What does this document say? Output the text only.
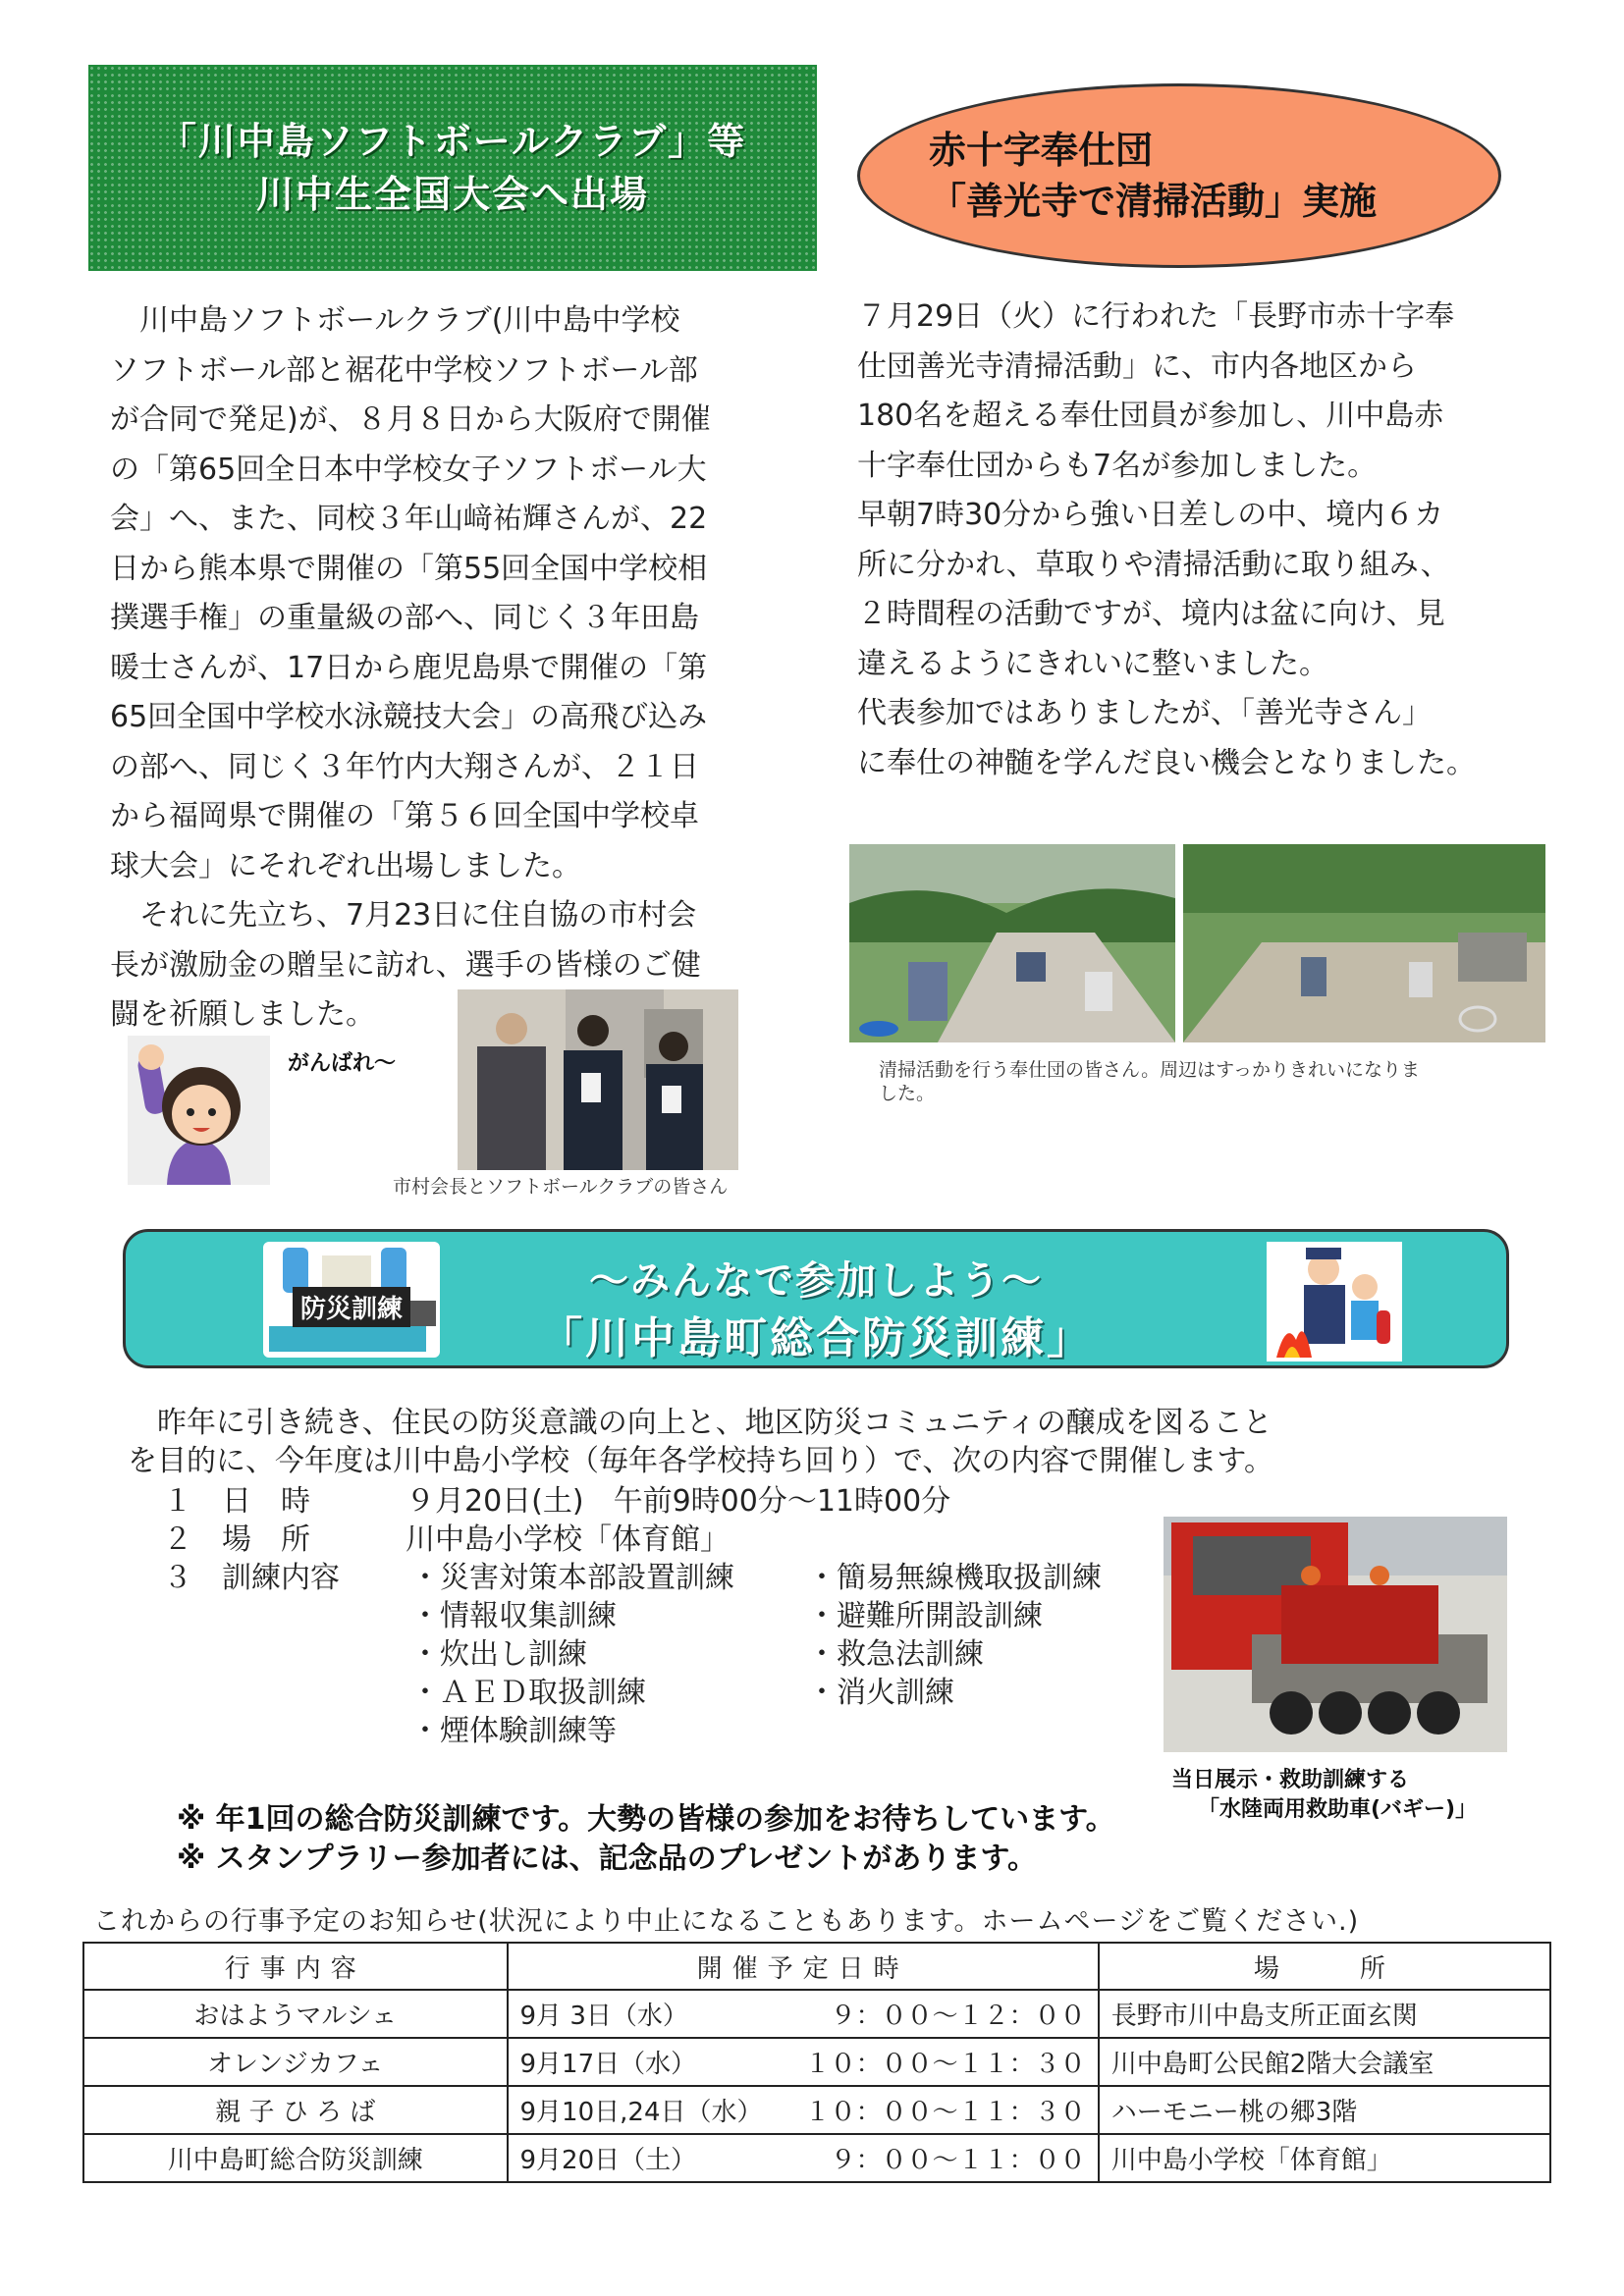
「川中島ソフトボールクラブ」等
川中生全国大会へ出場
　川中島ソフトボールクラブ(川中島中学校
ソフトボール部と裾花中学校ソフトボール部
が合同で発足)が、８月８日から大阪府で開催
の「第65回全日本中学校女子ソフトボール大
会」へ、また、同校３年山﨑祐輝さんが、22
日から熊本県で開催の「第55回全国中学校相
撲選手権」の重量級の部へ、同じく３年田島
暖士さんが、17日から鹿児島県で開催の「第
65回全国中学校水泳競技大会」の高飛び込み
の部へ、同じく３年竹内大翔さんが、２１日
から福岡県で開催の「第５６回全国中学校卓
球大会」にそれぞれ出場しました。
　それに先立ち、7月23日に住自協の市村会
長が激励金の贈呈に訪れ、選手の皆様のご健
闘を祈願しました。
がんばれ～
市村会長とソフトボールクラブの皆さん
赤十字奉仕団
「善光寺で清掃活動」実施
７月29日（火）に行われた「長野市赤十字奉
仕団善光寺清掃活動」に、市内各地区から
180名を超える奉仕団員が参加し、川中島赤
十字奉仕団からも7名が参加しました。
早朝7時30分から強い日差しの中、境内６カ
所に分かれ、草取りや清掃活動に取り組み、
２時間程の活動ですが、境内は盆に向け、見
違えるようにきれいに整いました。
代表参加ではありましたが、「善光寺さん」
に奉仕の神髄を学んだ良い機会となりました。
清掃活動を行う奉仕団の皆さん。周辺はすっかりきれいになりま
した。
～みんなで参加しよう～
「川中島町総合防災訓練」
防災訓練
　昨年に引き続き、住民の防災意識の向上と、地区防災コミュニティの醸成を図ること
を目的に、今年度は川中島小学校（毎年各学校持ち回り）で、次の内容で開催します。
１　日　時	９月20日(土)　午前9時00分～11時00分
２　場　所	川中島小学校「体育館」
３　訓練内容 ・災害対策本部設置訓練
・情報収集訓練
・炊出し訓練
・ＡＥＤ取扱訓練
・煙体験訓練等
・簡易無線機取扱訓練
・避難所開設訓練
・救急法訓練
・消火訓練
当日展示・救助訓練する
「水陸両用救助車(バギー)」
※ 年1回の総合防災訓練です。大勢の皆様の参加をお待ちしています。
※ スタンプラリー参加者には、記念品のプレゼントがあります。
これからの行事予定のお知らせ(状況により中止になることもあります。ホームページをご覧ください.)
行事内容	開催予定日時	場　　所
おはようマルシェ	9月 3日（水） ９：００～１２：００	長野市川中島支所正面玄関
オレンジカフェ	9月17日（水） １０：００～１１：３０	川中島町公民館2階大会議室
親 子 ひ ろ ば	9月10日,24日（水） １０：００～１１：３０	ハーモニー桃の郷3階
川中島町総合防災訓練	9月20日（土） ９：００～１１：００	川中島小学校「体育館」
